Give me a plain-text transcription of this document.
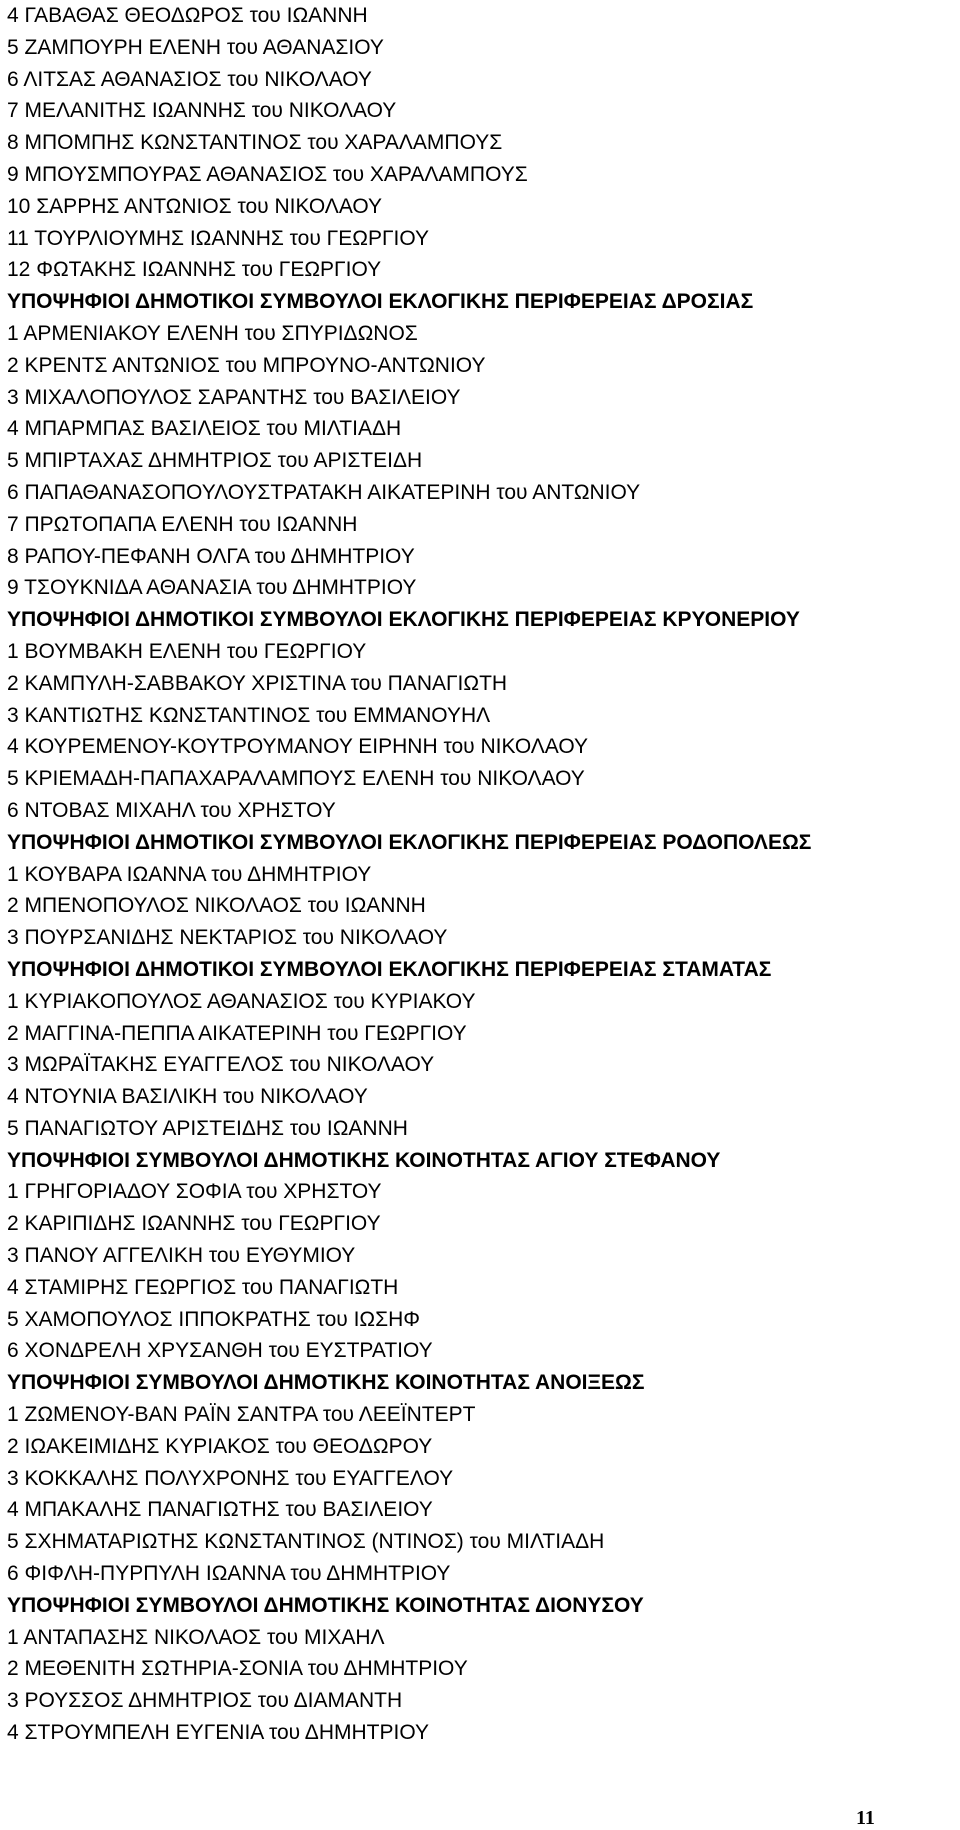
4 ΓΑΒΑΘΑΣ ΘΕΟΔΩΡΟΣ του ΙΩΑΝΝΗ
5 ΖΑΜΠΟΥΡΗ ΕΛΕΝΗ του ΑΘΑΝΑΣΙΟΥ
6 ΛΙΤΣΑΣ ΑΘΑΝΑΣΙΟΣ του ΝΙΚΟΛΑΟΥ
7 ΜΕΛΑΝΙΤΗΣ ΙΩΑΝΝΗΣ του ΝΙΚΟΛΑΟΥ
8 ΜΠΟΜΠΗΣ ΚΩΝΣΤΑΝΤΙΝΟΣ του ΧΑΡΑΛΑΜΠΟΥΣ
9 ΜΠΟΥΣΜΠΟΥΡΑΣ ΑΘΑΝΑΣΙΟΣ του ΧΑΡΑΛΑΜΠΟΥΣ
10 ΣΑΡΡΗΣ ΑΝΤΩΝΙΟΣ του ΝΙΚΟΛΑΟΥ
11 ΤΟΥΡΛΙΟΥΜΗΣ ΙΩΑΝΝΗΣ του ΓΕΩΡΓΙΟΥ
12 ΦΩΤΑΚΗΣ ΙΩΑΝΝΗΣ του ΓΕΩΡΓΙΟΥ
ΥΠΟΨΗΦΙΟΙ ΔΗΜΟΤΙΚΟΙ ΣΥΜΒΟΥΛΟΙ ΕΚΛΟΓΙΚΗΣ ΠΕΡΙΦΕΡΕΙΑΣ ΔΡΟΣΙΑΣ
1 ΑΡΜΕΝΙΑΚΟΥ ΕΛΕΝΗ του ΣΠΥΡΙΔΩΝΟΣ
2 ΚΡΕΝΤΣ ΑΝΤΩΝΙΟΣ του ΜΠΡΟΥΝΟ-ΑΝΤΩΝΙΟΥ
3 ΜΙΧΑΛΟΠΟΥΛΟΣ ΣΑΡΑΝΤΗΣ του ΒΑΣΙΛΕΙΟΥ
4 ΜΠΑΡΜΠΑΣ ΒΑΣΙΛΕΙΟΣ του ΜΙΛΤΙΑΔΗ
5 ΜΠΙΡΤΑΧΑΣ ΔΗΜΗΤΡΙΟΣ του ΑΡΙΣΤΕΙΔΗ
6 ΠΑΠΑΘΑΝΑΣΟΠΟΥΛΟΥΣΤΡΑΤΑΚΗ ΑΙΚΑΤΕΡΙΝΗ του ΑΝΤΩΝΙΟΥ
7 ΠΡΩΤΟΠΑΠΑ ΕΛΕΝΗ του ΙΩΑΝΝΗ
8 ΡΑΠΟΥ-ΠΕΦΑΝΗ ΟΛΓΑ του ΔΗΜΗΤΡΙΟΥ
9 ΤΣΟΥΚΝΙΔΑ ΑΘΑΝΑΣΙΑ του ΔΗΜΗΤΡΙΟΥ
ΥΠΟΨΗΦΙΟΙ ΔΗΜΟΤΙΚΟΙ ΣΥΜΒΟΥΛΟΙ ΕΚΛΟΓΙΚΗΣ ΠΕΡΙΦΕΡΕΙΑΣ ΚΡΥΟΝΕΡΙΟΥ
1 ΒΟΥΜΒΑΚΗ ΕΛΕΝΗ του ΓΕΩΡΓΙΟΥ
2 ΚΑΜΠΥΛΗ-ΣΑΒΒΑΚΟΥ ΧΡΙΣΤΙΝΑ του ΠΑΝΑΓΙΩΤΗ
3 ΚΑΝΤΙΩΤΗΣ ΚΩΝΣΤΑΝΤΙΝΟΣ του ΕΜΜΑΝΟΥΗΛ
4 ΚΟΥΡΕΜΕΝΟΥ-ΚΟΥΤΡΟΥΜΑΝΟΥ ΕΙΡΗΝΗ του ΝΙΚΟΛΑΟΥ
5 ΚΡΙΕΜΑΔΗ-ΠΑΠΑΧΑΡΑΛΑΜΠΟΥΣ ΕΛΕΝΗ του ΝΙΚΟΛΑΟΥ
6 ΝΤΟΒΑΣ ΜΙΧΑΗΛ του ΧΡΗΣΤΟΥ
ΥΠΟΨΗΦΙΟΙ ΔΗΜΟΤΙΚΟΙ ΣΥΜΒΟΥΛΟΙ ΕΚΛΟΓΙΚΗΣ ΠΕΡΙΦΕΡΕΙΑΣ ΡΟΔΟΠΟΛΕΩΣ
1 ΚΟΥΒΑΡΑ ΙΩΑΝΝΑ του ΔΗΜΗΤΡΙΟΥ
2 ΜΠΕΝΟΠΟΥΛΟΣ ΝΙΚΟΛΑΟΣ του ΙΩΑΝΝΗ
3 ΠΟΥΡΣΑΝΙΔΗΣ ΝΕΚΤΑΡΙΟΣ του ΝΙΚΟΛΑΟΥ
ΥΠΟΨΗΦΙΟΙ ΔΗΜΟΤΙΚΟΙ ΣΥΜΒΟΥΛΟΙ ΕΚΛΟΓΙΚΗΣ ΠΕΡΙΦΕΡΕΙΑΣ ΣΤΑΜΑΤΑΣ
1 ΚΥΡΙΑΚΟΠΟΥΛΟΣ ΑΘΑΝΑΣΙΟΣ του ΚΥΡΙΑΚΟΥ
2 ΜΑΓΓΙΝΑ-ΠΕΠΠΑ ΑΙΚΑΤΕΡΙΝΗ του ΓΕΩΡΓΙΟΥ
3 ΜΩΡΑΪΤΑΚΗΣ ΕΥΑΓΓΕΛΟΣ του ΝΙΚΟΛΑΟΥ
4 ΝΤΟΥΝΙΑ ΒΑΣΙΛΙΚΗ του ΝΙΚΟΛΑΟΥ
5 ΠΑΝΑΓΙΩΤΟΥ ΑΡΙΣΤΕΙΔΗΣ του ΙΩΑΝΝΗ
ΥΠΟΨΗΦΙΟΙ ΣΥΜΒΟΥΛΟΙ ΔΗΜΟΤΙΚΗΣ ΚΟΙΝΟΤΗΤΑΣ ΑΓΙΟΥ ΣΤΕΦΑΝΟΥ
1 ΓΡΗΓΟΡΙΑΔΟΥ ΣΟΦΙΑ του ΧΡΗΣΤΟΥ
2 ΚΑΡΙΠΙΔΗΣ ΙΩΑΝΝΗΣ του ΓΕΩΡΓΙΟΥ
3 ΠΑΝΟΥ ΑΓΓΕΛΙΚΗ του ΕΥΘΥΜΙΟΥ
4 ΣΤΑΜΙΡΗΣ ΓΕΩΡΓΙΟΣ του ΠΑΝΑΓΙΩΤΗ
5 ΧΑΜΟΠΟΥΛΟΣ ΙΠΠΟΚΡΑΤΗΣ του ΙΩΣΗΦ
6 ΧΟΝΔΡΕΛΗ ΧΡΥΣΑΝΘΗ του ΕΥΣΤΡΑΤΙΟΥ
ΥΠΟΨΗΦΙΟΙ ΣΥΜΒΟΥΛΟΙ ΔΗΜΟΤΙΚΗΣ ΚΟΙΝΟΤΗΤΑΣ ΑΝΟΙΞΕΩΣ
1 ΖΩΜΕΝΟΥ-ΒΑΝ ΡΑΪΝ ΣΑΝΤΡΑ του ΛΕΕΪΝΤΕΡΤ
2 ΙΩΑΚΕΙΜΙΔΗΣ ΚΥΡΙΑΚΟΣ του ΘΕΟΔΩΡΟΥ
3 ΚΟΚΚΑΛΗΣ ΠΟΛΥΧΡΟΝΗΣ του ΕΥΑΓΓΕΛΟΥ
4 ΜΠΑΚΑΛΗΣ ΠΑΝΑΓΙΩΤΗΣ του ΒΑΣΙΛΕΙΟΥ
5 ΣΧΗΜΑΤΑΡΙΩΤΗΣ ΚΩΝΣΤΑΝΤΙΝΟΣ (ΝΤΙΝΟΣ) του ΜΙΛΤΙΑΔΗ
6 ΦΙΦΛΗ-ΠΥΡΠΥΛΗ ΙΩΑΝΝΑ του ΔΗΜΗΤΡΙΟΥ
ΥΠΟΨΗΦΙΟΙ ΣΥΜΒΟΥΛΟΙ ΔΗΜΟΤΙΚΗΣ ΚΟΙΝΟΤΗΤΑΣ ΔΙΟΝΥΣΟΥ
1 ΑΝΤΑΠΑΣΗΣ ΝΙΚΟΛΑΟΣ του ΜΙΧΑΗΛ
2 ΜΕΘΕΝΙΤΗ ΣΩΤΗΡΙΑ-ΣΟΝΙΑ του ΔΗΜΗΤΡΙΟΥ
3 ΡΟΥΣΣΟΣ ΔΗΜΗΤΡΙΟΣ του ΔΙΑΜΑΝΤΗ
4 ΣΤΡΟΥΜΠΕΛΗ ΕΥΓΕΝΙΑ του ΔΗΜΗΤΡΙΟΥ
11
